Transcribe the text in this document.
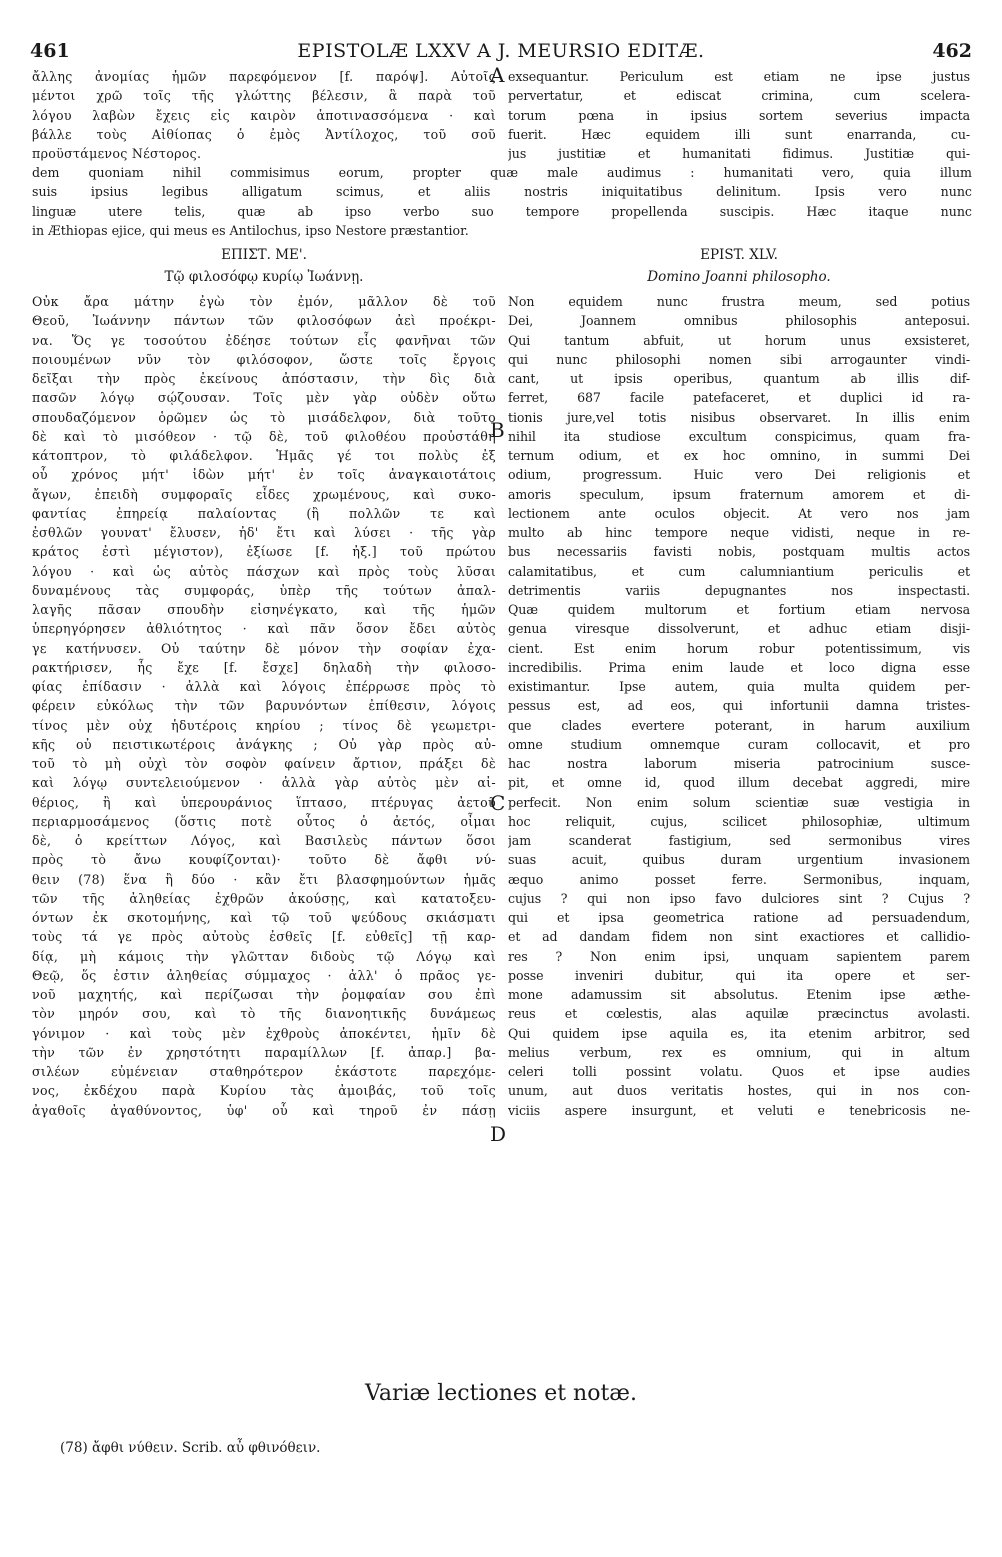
461	EPISTOLÆ LXXV A J. MEURSIO EDITÆ.	462
ἄλλης ἀνομίας ἡμῶν παρεφόμενον [f. παρόψ]. Αὐτοῖς
μέντοι χρῶ τοῖς τῆς γλώττης βέλεσιν, ἃ παρὰ τοῦ
λόγου λαβὼν ἔχεις εἰς καιρὸν ἀποτινασσόμενα · καὶ
βάλλε τοὺς Αἰθίοπας ὁ ἐμὸς Ἀντίλοχος, τοῦ σοῦ
προϋστάμενος Νέστορος.
exsequantur. Periculum est etiam ne ipse justus
pervertatur, et ediscat crimina, cum scelera-
torum pœna in ipsius sortem severius impacta
fuerit. Hæc equidem illi sunt enarranda, cu-
jus justitiæ et humanitati fidimus. Justitiæ qui-
A
dem quoniam nihil commisimus eorum, propter quæ male audimus : humanitati vero, quia illum
suis ipsius legibus alligatum scimus, et aliis nostris iniquitatibus delinitum. Ipsis vero nunc
linguæ utere telis, quæ ab ipso verbo suo tempore propellenda suscipis. Hæc itaque nunc
in Æthiopas ejice, qui meus es Antilochus, ipso Nestore præstantior.
ΕΠΙΣΤ. ΜΕ'.
Τῷ φιλοσόφῳ κυρίῳ Ἰωάννῃ.
EPIST. XLV.
Domino Joanni philosopho.
Οὐκ ἄρα μάτην ἐγὼ τὸν ἐμόν, μᾶλλον δὲ τοῦ
Θεοῦ, Ἰωάννην πάντων τῶν φιλοσόφων ἀεὶ προέκρι-
να. Ὅς γε τοσούτου ἐδέησε τούτων εἷς φανῆναι τῶν
ποιουμένων νῦν τὸν φιλόσοφον, ὥστε τοῖς ἔργοις
δεῖξαι τὴν πρὸς ἐκείνους ἀπόστασιν, τὴν δὶς διὰ
πασῶν λόγῳ σῴζουσαν. Τοῖς μὲν γὰρ οὐδὲν οὕτω
σπουδαζόμενον ὁρῶμεν ὡς τὸ μισάδελφον, διὰ τοῦτο
δὲ καὶ τὸ μισόθεον · τῷ δὲ, τοῦ φιλοθέου προὐστάθη
κάτοπτρον, τὸ φιλάδελφον. Ἡμᾶς γέ τοι πολὺς ἐξ
οὗ χρόνος μήτ' ἰδὼν μήτ' ἐν τοῖς ἀναγκαιοτάτοις
ἄγων, ἐπειδὴ συμφοραῖς εἶδες χρωμένους, καὶ συκο-
φαντίας ἐπηρείᾳ παλαίοντας (ἢ πολλῶν τε καὶ
ἐσθλῶν γουνατ' ἔλυσεν, ἠδ' ἔτι καὶ λύσει · τῆς γὰρ
κράτος ἐστὶ μέγιστον), ἐξίωσε [f. ἠξ.] τοῦ πρώτου
λόγου · καὶ ὡς αὐτὸς πάσχων καὶ πρὸς τοὺς λῦσαι
δυναμένους τὰς συμφοράς, ὑπὲρ τῆς τούτων ἀπαλ-
λαγῆς πᾶσαν σπουδὴν εἰσηνέγκατο, καὶ τῆς ἡμῶν
ὑπερηγόρησεν ἀθλιότητος · καὶ πᾶν ὅσον ἔδει αὐτὸς
γε κατήνυσεν. Οὐ ταύτην δὲ μόνον τὴν σοφίαν ἐχα-
ρακτήρισεν, ἧς ἔχε [f. ἔσχε] δηλαδὴ τὴν φιλοσο-
φίας ἐπίδασιν · ἀλλὰ καὶ λόγοις ἐπέρρωσε πρὸς τὸ
φέρειν εὐκόλως τὴν τῶν βαρυνόντων ἐπίθεσιν, λόγοις
τίνος μὲν οὐχ ἡδυτέροις κηρίου ; τίνος δὲ γεωμετρι-
κῆς οὐ πειστικωτέροις ἀνάγκης ; Οὐ γὰρ πρὸς αὐ-
τοῦ τὸ μὴ οὐχὶ τὸν σοφὸν φαίνειν ἄρτιον, πράξει δὲ
καὶ λόγῳ συντελειούμενον · ἀλλὰ γὰρ αὐτὸς μὲν αἰ-
θέριος, ἢ καὶ ὑπερουράνιος ἵπτασο, πτέρυγας ἀετοῦ
περιαρμοσάμενος (ὅστις ποτὲ οὗτος ὁ ἀετός, οἶμαι
δὲ, ὁ κρείττων Λόγος, καὶ Βασιλεὺς πάντων ὅσοι
πρὸς τὸ ἄνω κουφίζονται)· τοῦτο δὲ ἄφθι νύ-
θειν (78) ἕνα ἢ δύο · κἂν ἔτι βλασφημούντων ἡμᾶς
τῶν τῆς ἀληθείας ἐχθρῶν ἀκούσῃς, καὶ κατατοξευ-
όντων ἐκ σκοτομήνης, καὶ τῷ τοῦ ψεύδους σκιάσματι
τοὺς τά γε πρὸς αὐτοὺς ἐσθεῖς [f. εὐθεῖς] τῇ καρ-
δίᾳ, μὴ κάμοις τὴν γλῶτταν διδοὺς τῷ Λόγῳ καὶ
Θεῷ, ὅς ἐστιν ἀληθείας σύμμαχος · ἀλλ' ὁ πρᾶος γε-
νοῦ μαχητής, καὶ περίζωσαι τὴν ῥομφαίαν σου ἐπὶ
τὸν μηρόν σου, καὶ τὸ τῆς διανοητικῆς δυνάμεως
γόνιμον · καὶ τοὺς μὲν ἐχθροὺς ἀποκέντει, ἡμῖν δὲ
τὴν τῶν ἐν χρηστότητι παραμίλλων [f. ἀπαρ.] βα-
σιλέων εὐμένειαν σταθηρότερον ἑκάστοτε παρεχόμε-
νος, ἐκδέχου παρὰ Κυρίου τὰς ἀμοιβάς, τοῦ τοῖς
ἀγαθοῖς ἀγαθύνοντος, ὑφ' οὗ καὶ τηροῦ ἐν πάσῃ
Non equidem nunc frustra meum, sed potius
Dei, Joannem omnibus philosophis anteposui.
Qui tantum abfuit, ut horum unus exsisteret,
qui nunc philosophi nomen sibi arrogaunter vindi-
cant, ut ipsis operibus, quantum ab illis dif-
ferret, 687 facile patefaceret, et duplici id ra-
tionis jure,vel totis nisibus observaret. In illis enim
nihil ita studiose excultum conspicimus, quam fra-
ternum odium, et ex hoc omnino, in summi Dei
odium, progressum. Huic vero Dei religionis et
amoris speculum, ipsum fraternum amorem et di-
lectionem ante oculos objecit. At vero nos jam
multo ab hinc tempore neque vidisti, neque in re-
bus necessariis favisti nobis, postquam multis actos
calamitatibus, et cum calumniantium periculis et
detrimentis variis depugnantes nos inspectasti.
Quæ quidem multorum et fortium etiam nervosa
genua viresque dissolverunt, et adhuc etiam disji-
cient. Est enim horum robur potentissimum, vis
incredibilis. Prima enim laude et loco digna esse
existimantur. Ipse autem, quia multa quidem per-
pessus est, ad eos, qui infortunii damna tristes-
que clades evertere poterant, in harum auxilium
omne studium omnemque curam collocavit, et pro
hac nostra laborum miseria patrocinium susce-
pit, et omne id, quod illum decebat aggredi, mire
perfecit. Non enim solum scientiæ suæ vestigia in
hoc reliquit, cujus, scilicet philosophiæ, ultimum
jam scanderat fastigium, sed sermonibus vires
suas acuit, quibus duram urgentium invasionem
æquo animo posset ferre. Sermonibus, inquam,
cujus ? qui non ipso favo dulciores sint ? Cujus ?
qui et ipsa geometrica ratione ad persuadendum,
et ad dandam fidem non sint exactiores et callidio-
res ? Non enim ipsi, unquam sapientem parem
posse inveniri dubitur, qui ita opere et ser-
mone adamussim sit absolutus. Etenim ipse æthe-
reus et cœlestis, alas aquilæ præcinctus avolasti.
Qui quidem ipse aquila es, ita etenim arbitror, sed
melius verbum, rex es omnium, qui in altum
celeri tolli possint volatu. Quos et ipse audies
unum, aut duos veritatis hostes, qui in nos con-
viciis aspere insurgunt, et veluti e tenebricosis ne-
B
C
D
Variæ lectiones et notæ.
(78) ἄφθι νύθειν. Scrib. αὖ φθινόθειν.
